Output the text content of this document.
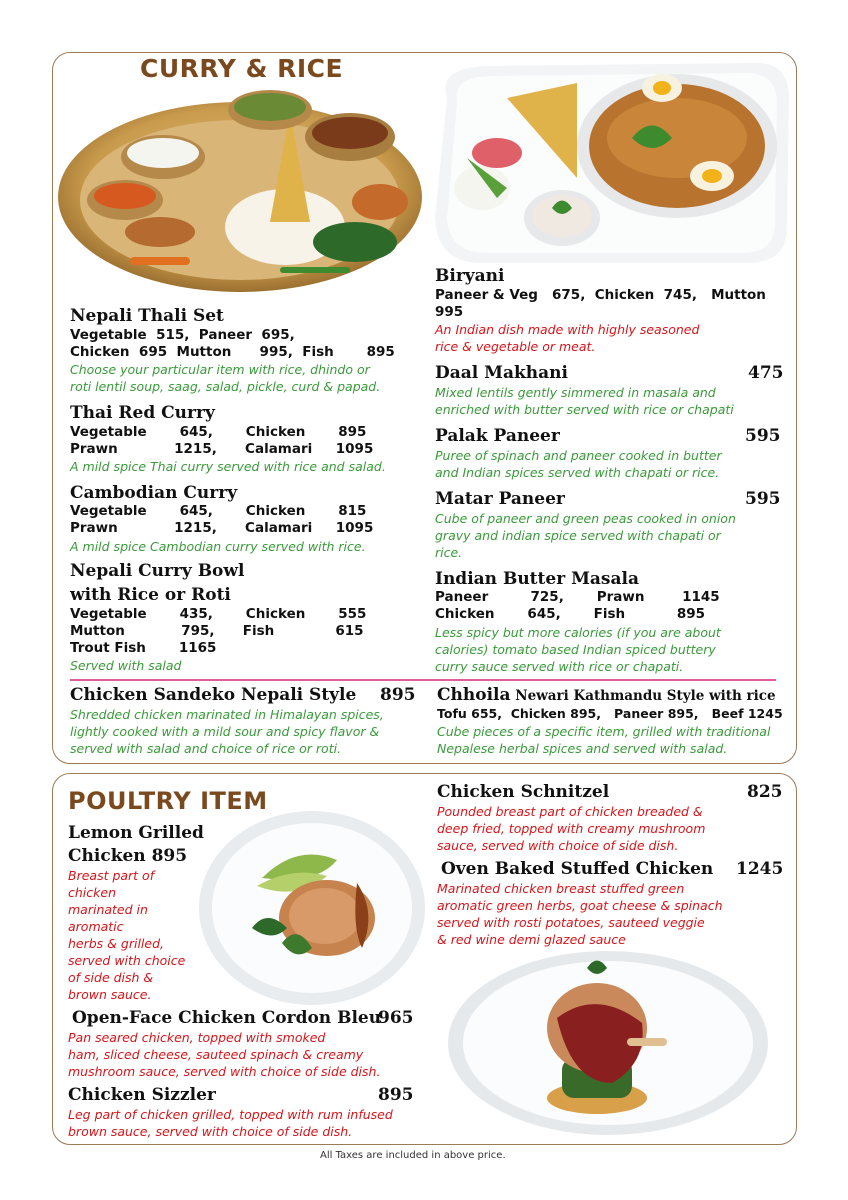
CURRY & RICE
Nepali Thali Set
Vegetable  515,  Paneer  695,
Chicken  695  Mutton      995,  Fish       895
Choose your particular item with rice, dhindo or
roti lentil soup, saag, salad, pickle, curd & papad.
Thai Red Curry
Vegetable       645,       Chicken       895
Prawn            1215,      Calamari     1095
A mild spice Thai curry served with rice and salad.
Cambodian Curry
Vegetable       645,       Chicken       815
Prawn            1215,      Calamari     1095
A mild spice Cambodian curry served with rice.
Nepali Curry Bowl
with Rice or Roti
Vegetable       435,       Chicken       555
Mutton            795,      Fish             615
Trout Fish       1165
Served with salad
Biryani
Paneer & Veg   675,  Chicken  745,   Mutton
995
An Indian dish made with highly seasoned
rice & vegetable or meat.
Daal Makhani	475
Mixed lentils gently simmered in masala and
enriched with butter served with rice or chapati
Palak Paneer	595
Puree of spinach and paneer cooked in butter
and Indian spices served with chapati or rice.
Matar Paneer	595
Cube of paneer and green peas cooked in onion
gravy and indian spice served with chapati or
rice.
Indian Butter Masala
Paneer         725,       Prawn        1145
Chicken       645,       Fish           895
Less spicy but more calories (if you are about
calories) tomato based Indian spiced buttery
curry sauce served with rice or chapati.
Chicken Sandeko Nepali Style 895
Shredded chicken marinated in Himalayan spices,
lightly cooked with a mild sour and spicy flavor &
served with salad and choice of rice or roti.
Chhoila Newari Kathmandu Style with rice
Tofu 655,  Chicken 895,   Paneer 895,   Beef 1245
Cube pieces of a specific item, grilled with traditional
Nepalese herbal spices and served with salad.
POULTRY ITEM
Lemon Grilled
Chicken 895
Breast part of
chicken
marinated in
aromatic
herbs & grilled,
served with choice
of side dish &
brown sauce.
Open-Face Chicken Cordon Bleu
965
Pan seared chicken, topped with smoked
ham, sliced cheese, sauteed spinach & creamy
mushroom sauce, served with choice of side dish.
Chicken Sizzler	895
Leg part of chicken grilled, topped with rum infused
brown sauce, served with choice of side dish.
Chicken Schnitzel	825
Pounded breast part of chicken breaded &
deep fried, topped with creamy mushroom
sauce, served with choice of side dish.
Oven Baked Stuffed Chicken 1245
Marinated chicken breast stuffed green
aromatic green herbs, goat cheese & spinach
served with rosti potatoes, sauteed veggie
& red wine demi glazed sauce
All Taxes are included in above price.
